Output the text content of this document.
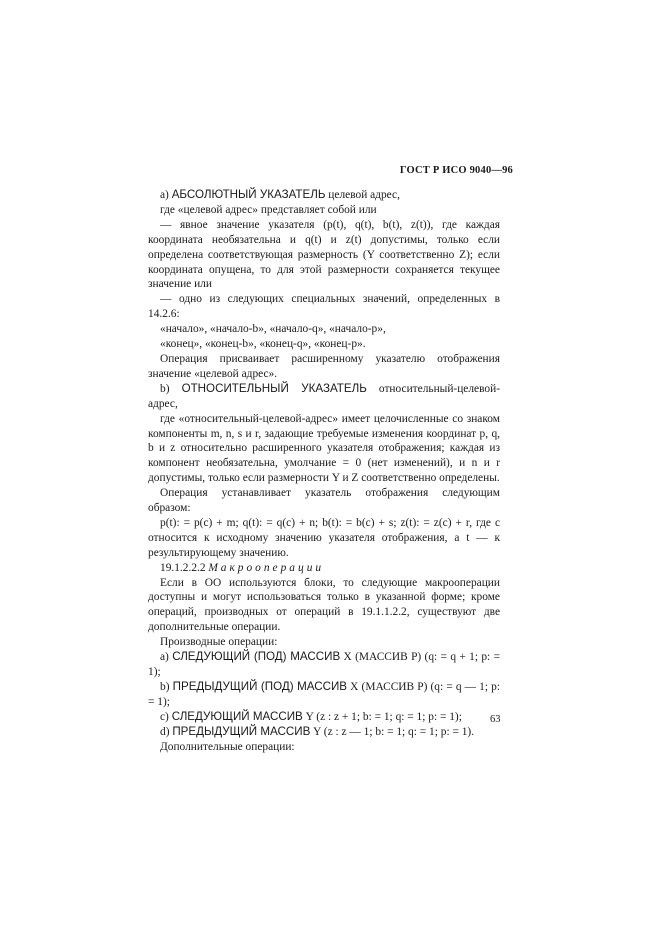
ГОСТ Р ИСО 9040—96

a) АБСОЛЮТНЫЙ УКАЗАТЕЛЬ целевой адрес,

где «целевой адрес» представляет собой или

— явное значение указателя (p(t), q(t), b(t), z(t)), где каждая координата необязательна и q(t) и z(t) допустимы, только если определена соответствующая размерность (Y соответственно Z); если координата опущена, то для этой размерности сохраняется текущее значение или

— одно из следующих специальных значений, определенных в 14.2.6:

«начало», «начало-b», «начало-q», «начало-p»,

«конец», «конец-b», «конец-q», «конец-p».

Операция присваивает расширенному указателю отображения значение «целевой адрес».

b) ОТНОСИТЕЛЬНЫЙ УКАЗАТЕЛЬ относительный-целевой-адрес,

где «относительный-целевой-адрес» имеет целочисленные со знаком компоненты m, n, s и r, задающие требуемые изменения координат p, q, b и z относительно расширенного указателя отображения; каждая из компонент необязательна, умолчание = 0 (нет изменений), и n и r допустимы, только если размерности Y и Z соответственно определены.

Операция устанавливает указатель отображения следующим образом:

p(t): = p(c) + m; q(t): = q(c) + n; b(t): = b(c) + s; z(t): = z(c) + r, где c относится к исходному значению указателя отображения, а t — к результирующему значению.

19.1.2.2.2 Макрооперации

Если в ОО используются блоки, то следующие макрооперации доступны и могут использоваться только в указанной форме; кроме операций, производных от операций в 19.1.1.2.2, существуют две дополнительные операции.

Производные операции:

a) СЛЕДУЮЩИЙ (ПОД) МАССИВ X (МАССИВ P) (q: = q + 1; p: = 1);

b) ПРЕДЫДУЩИЙ (ПОД) МАССИВ X (МАССИВ P) (q: = q — 1; p: = 1);

c) СЛЕДУЮЩИЙ МАССИВ Y (z : z + 1; b: = 1; q: = 1; p: = 1);

d) ПРЕДЫДУЩИЙ МАССИВ Y (z : z — 1; b: = 1; q: = 1; p: = 1).

Дополнительные операции:

63
